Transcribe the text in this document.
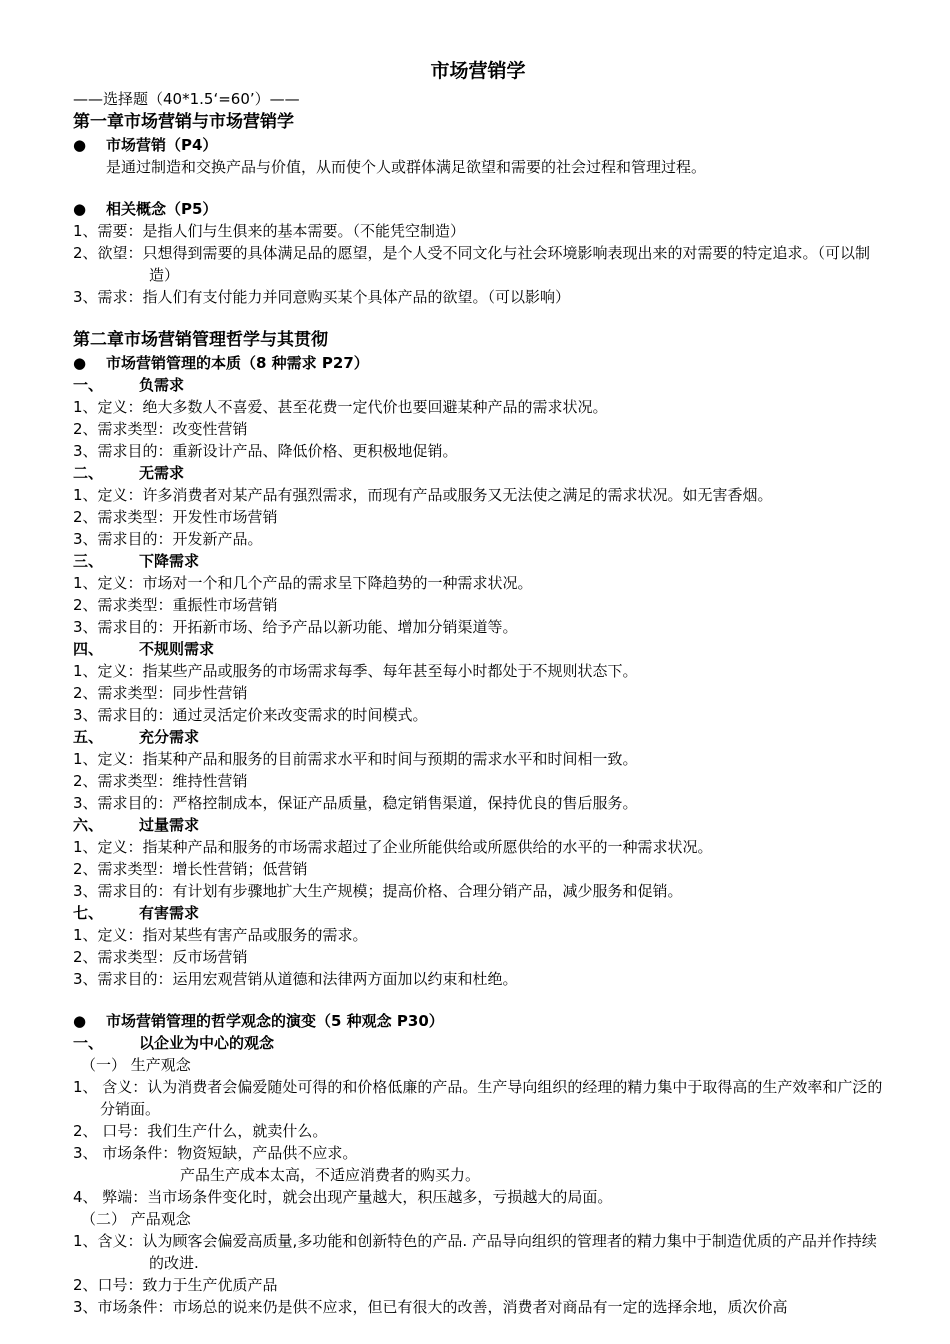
市场营销学
——选择题（40*1.5‘=60’）——
第一章市场营销与市场营销学
● 市场营销（P4）
是通过制造和交换产品与价值，从而使个人或群体满足欲望和需要的社会过程和管理过程。
● 相关概念（P5）
1、需要：是指人们与生俱来的基本需要。（不能凭空制造）
2、欲望：只想得到需要的具体满足品的愿望，是个人受不同文化与社会环境影响表现出来的对需要的特定追求。（可以制造）
3、需求：指人们有支付能力并同意购买某个具体产品的欲望。（可以影响）
第二章市场营销管理哲学与其贯彻
● 市场营销管理的本质（8 种需求 P27）
一、 负需求
1、定义：绝大多数人不喜爱、甚至花费一定代价也要回避某种产品的需求状况。
2、需求类型：改变性营销
3、需求目的：重新设计产品、降低价格、更积极地促销。
二、 无需求
1、定义：许多消费者对某产品有强烈需求，而现有产品或服务又无法使之满足的需求状况。如无害香烟。
2、需求类型：开发性市场营销
3、需求目的：开发新产品。
三、 下降需求
1、定义：市场对一个和几个产品的需求呈下降趋势的一种需求状况。
2、需求类型：重振性市场营销
3、需求目的：开拓新市场、给予产品以新功能、增加分销渠道等。
四、 不规则需求
1、定义：指某些产品或服务的市场需求每季、每年甚至每小时都处于不规则状态下。
2、需求类型：同步性营销
3、需求目的：通过灵活定价来改变需求的时间模式。
五、 充分需求
1、定义：指某种产品和服务的目前需求水平和时间与预期的需求水平和时间相一致。
2、需求类型：维持性营销
3、需求目的：严格控制成本，保证产品质量，稳定销售渠道，保持优良的售后服务。
六、 过量需求
1、定义：指某种产品和服务的市场需求超过了企业所能供给或所愿供给的水平的一种需求状况。
2、需求类型：增长性营销；低营销
3、需求目的：有计划有步骤地扩大生产规模；提高价格、合理分销产品，减少服务和促销。
七、 有害需求
1、定义：指对某些有害产品或服务的需求。
2、需求类型：反市场营销
3、需求目的：运用宏观营销从道德和法律两方面加以约束和杜绝。
● 市场营销管理的哲学观念的演变（5 种观念 P30）
一、 以企业为中心的观念
（一） 生产观念
1、 含义：认为消费者会偏爱随处可得的和价格低廉的产品。生产导向组织的经理的精力集中于取得高的生产效率和广泛的分销面。
2、 口号：我们生产什么，就卖什么。
3、 市场条件：物资短缺，产品供不应求。
产品生产成本太高，不适应消费者的购买力。
4、 弊端：当市场条件变化时，就会出现产量越大，积压越多，亏损越大的局面。
（二） 产品观念
1、含义：认为顾客会偏爱高质量,多功能和创新特色的产品. 产品导向组织的管理者的精力集中于制造优质的产品并作持续的改进.
2、口号：致力于生产优质产品
3、市场条件：市场总的说来仍是供不应求，但已有很大的改善，消费者对商品有一定的选择余地，质次价高
